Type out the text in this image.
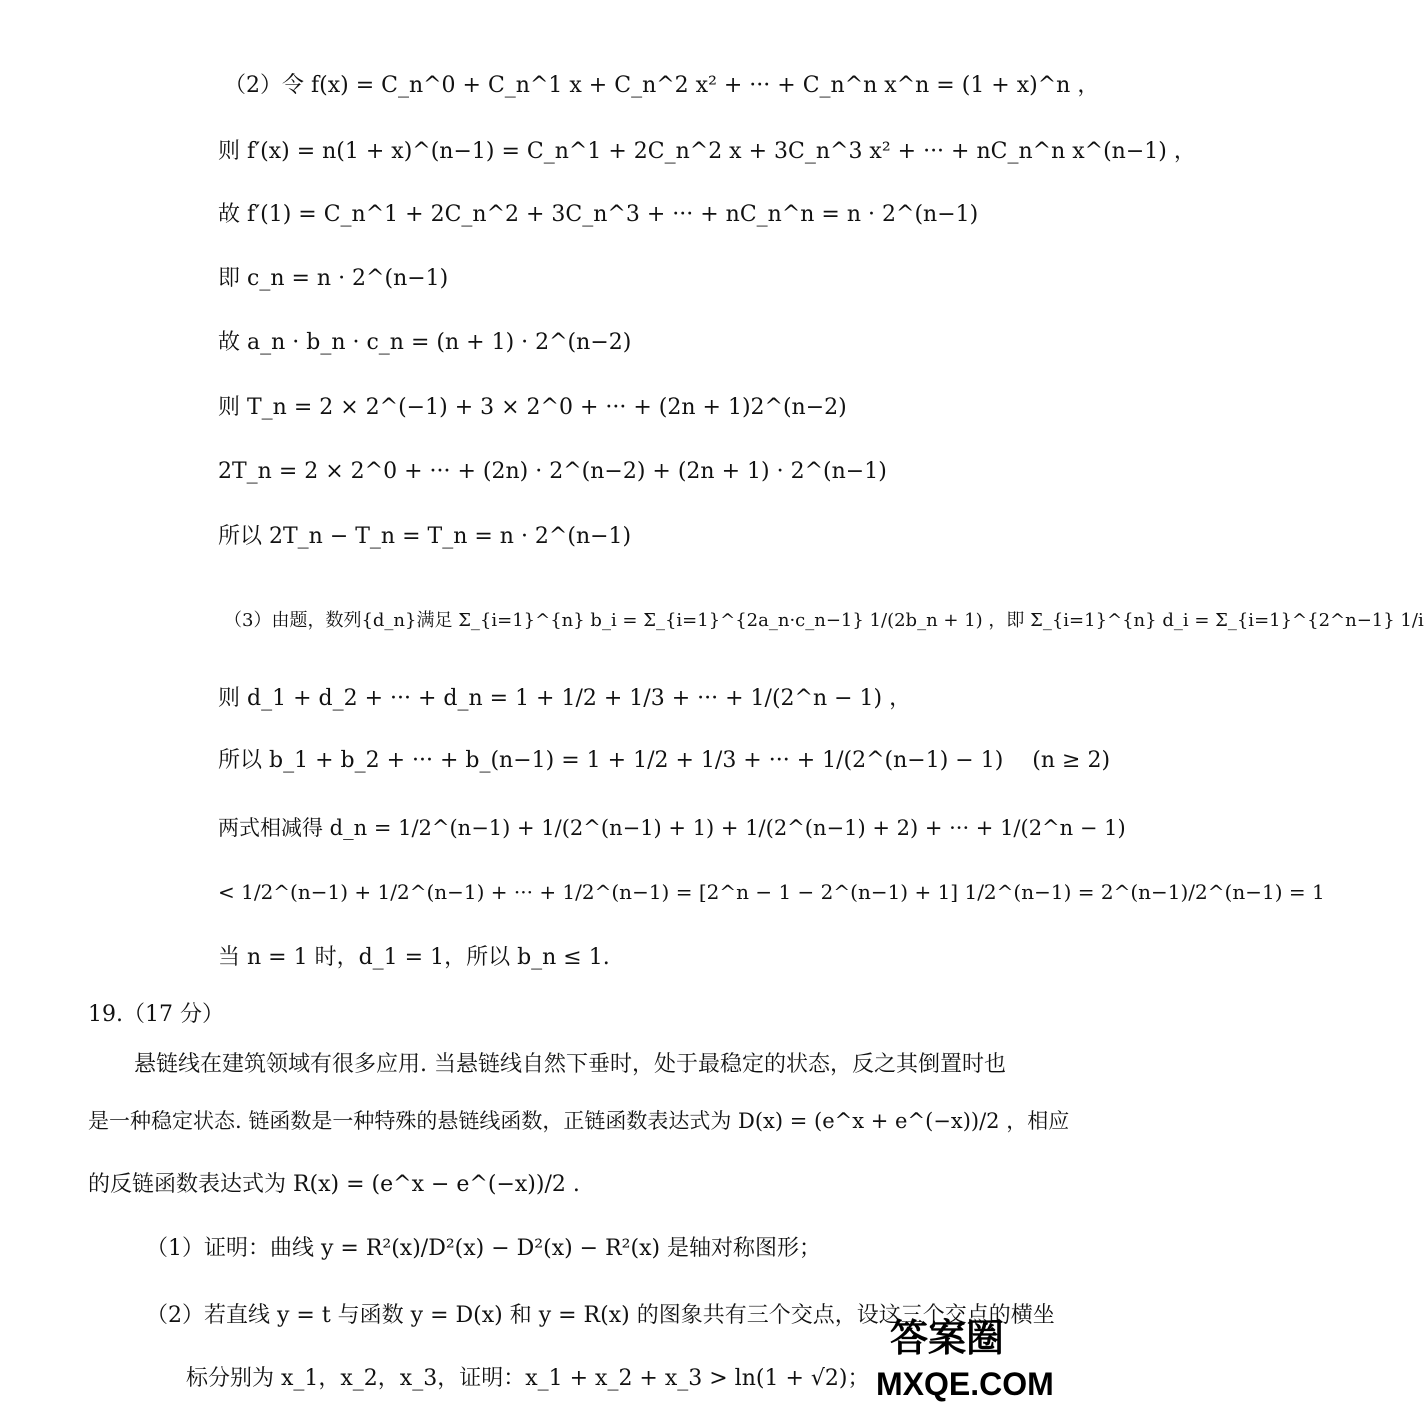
（2）令 f(x) = C_n^0 + C_n^1 x + C_n^2 x² + ··· + C_n^n x^n = (1 + x)^n ，
则 f′(x) = n(1 + x)^(n−1) = C_n^1 + 2C_n^2 x + 3C_n^3 x² + ··· + nC_n^n x^(n−1) ，
故 f′(1) = C_n^1 + 2C_n^2 + 3C_n^3 + ··· + nC_n^n = n · 2^(n−1)
即 c_n = n · 2^(n−1)
故 a_n · b_n · c_n = (n + 1) · 2^(n−2)
则 T_n = 2 × 2^(−1) + 3 × 2^0 + ··· + (2n + 1)2^(n−2)
2T_n = 2 × 2^0 + ··· + (2n) · 2^(n−2) + (2n + 1) · 2^(n−1)
所以 2T_n − T_n = T_n = n · 2^(n−1)
（3）由题，数列{d_n}满足 Σ_{i=1}^{n} b_i = Σ_{i=1}^{2a_n·c_n−1} 1/(2b_n + 1) ，即 Σ_{i=1}^{n} d_i = Σ_{i=1}^{2^n−1} 1/i
则 d_1 + d_2 + ··· + d_n = 1 + 1/2 + 1/3 + ··· + 1/(2^n − 1) ，
所以 b_1 + b_2 + ··· + b_(n−1) = 1 + 1/2 + 1/3 + ··· + 1/(2^(n−1) − 1)　 (n ≥ 2)
两式相减得 d_n = 1/2^(n−1) + 1/(2^(n−1) + 1) + 1/(2^(n−1) + 2) + ··· + 1/(2^n − 1)
< 1/2^(n−1) + 1/2^(n−1) + ··· + 1/2^(n−1) = [2^n − 1 − 2^(n−1) + 1] 1/2^(n−1) = 2^(n−1)/2^(n−1) = 1
当 n = 1 时，d_1 = 1，所以 b_n ≤ 1.
19.（17 分）
悬链线在建筑领域有很多应用. 当悬链线自然下垂时，处于最稳定的状态，反之其倒置时也
是一种稳定状态. 链函数是一种特殊的悬链线函数，正链函数表达式为 D(x) = (e^x + e^(−x))/2 ，相应
的反链函数表达式为 R(x) = (e^x − e^(−x))/2 .
（1）证明：曲线 y = R²(x)/D²(x) − D²(x) − R²(x) 是轴对称图形；
（2）若直线 y = t 与函数 y = D(x) 和 y = R(x) 的图象共有三个交点，设这三个交点的横坐
标分别为 x_1，x_2，x_3，证明：x_1 + x_2 + x_3 > ln(1 + √2)；
答案圈
MXQE.COM
